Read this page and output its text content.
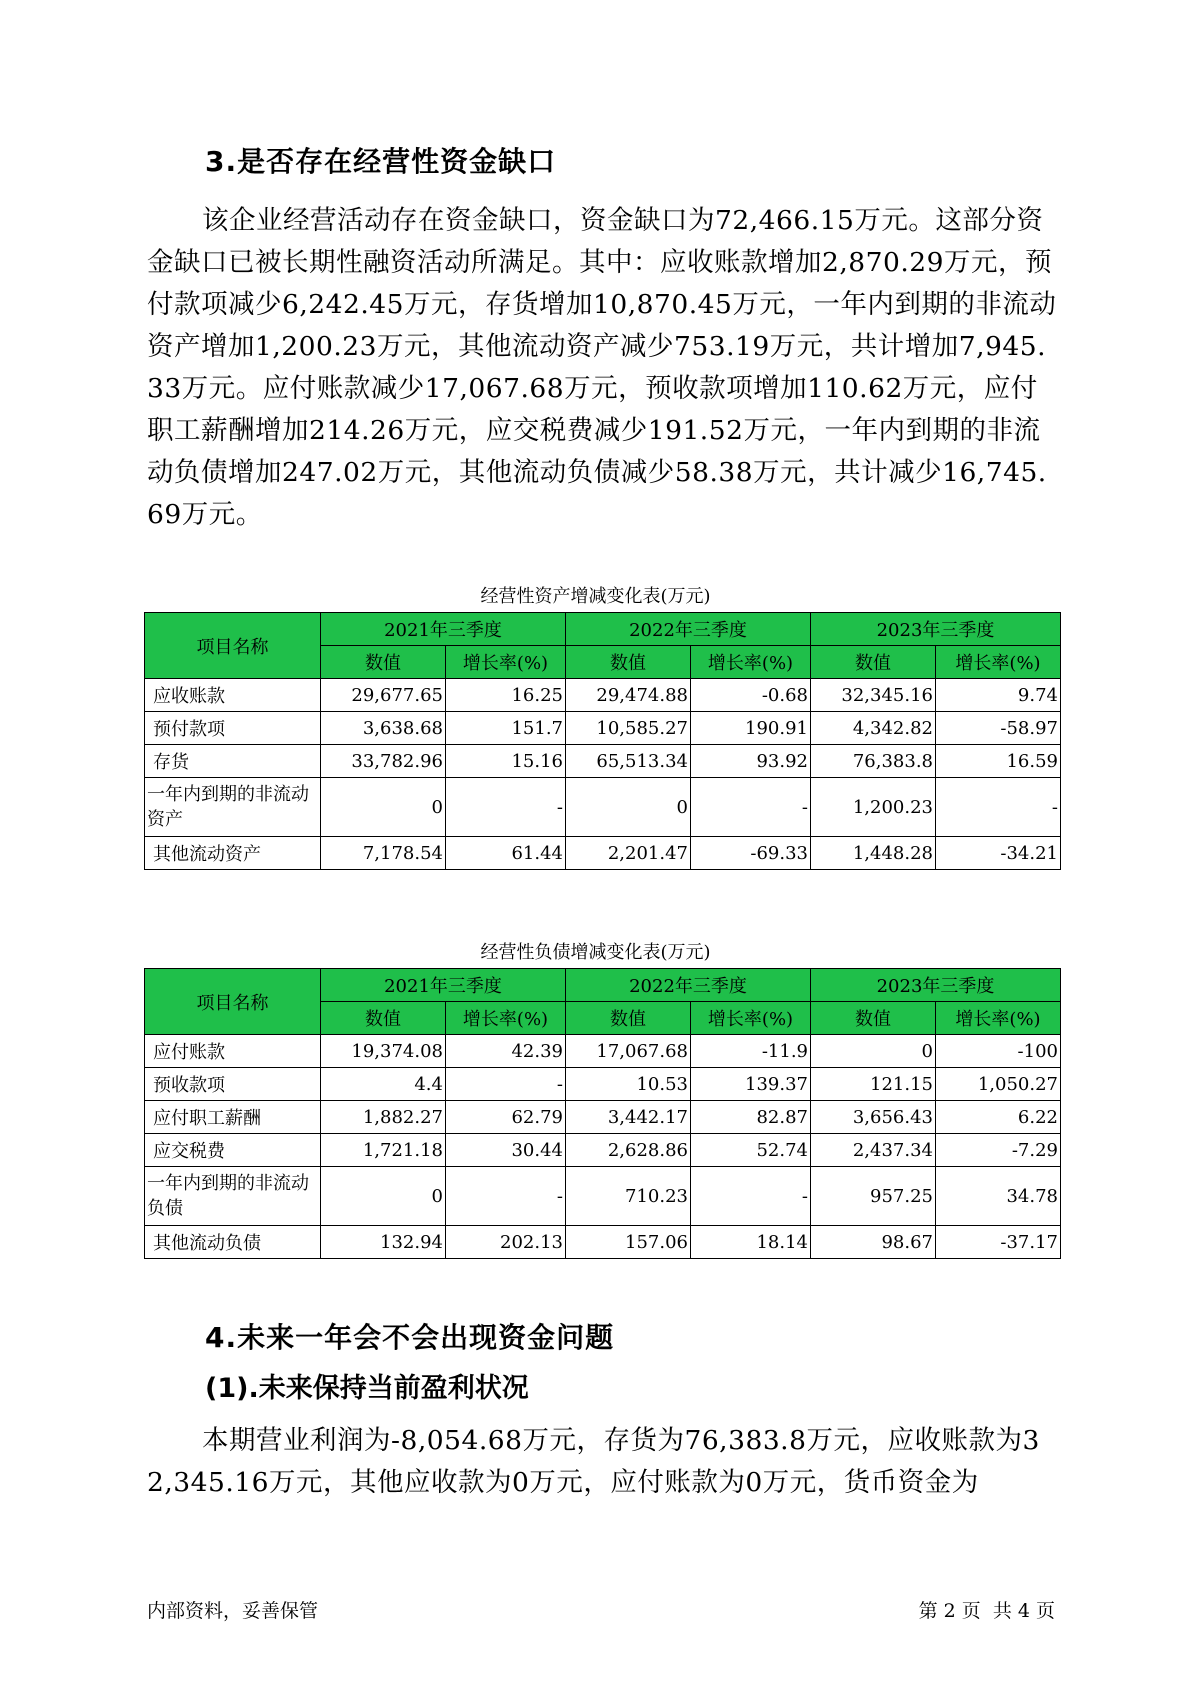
3.是否存在经营性资金缺口

该企业经营活动存在资金缺口，资金缺口为72,466.15万元。这部分资金缺口已被长期性融资活动所满足。其中：应收账款增加2,870.29万元，预付款项减少6,242.45万元，存货增加10,870.45万元，一年内到期的非流动资产增加1,200.23万元，其他流动资产减少753.19万元，共计增加7,945.33万元。应付账款减少17,067.68万元，预收款项增加110.62万元，应付职工薪酬增加214.26万元，应交税费减少191.52万元，一年内到期的非流动负债增加247.02万元，其他流动负债减少58.38万元，共计减少16,745.69万元。

经营性资产增减变化表(万元)
项目名称	2021年三季度		2022年三季度		2023年三季度	
	数值	增长率(%)	数值	增长率(%)	数值	增长率(%)
应收账款	29,677.65	16.25	29,474.88	-0.68	32,345.16	9.74
预付款项	3,638.68	151.7	10,585.27	190.91	4,342.82	-58.97
存货	33,782.96	15.16	65,513.34	93.92	76,383.8	16.59
一年内到期的非流动资产	0	-	0	-	1,200.23	-
其他流动资产	7,178.54	61.44	2,201.47	-69.33	1,448.28	-34.21
经营性负债增减变化表(万元)
项目名称	2021年三季度		2022年三季度		2023年三季度	
	数值	增长率(%)	数值	增长率(%)	数值	增长率(%)
应付账款	19,374.08	42.39	17,067.68	-11.9	0	-100
预收款项	4.4	-	10.53	139.37	121.15	1,050.27
应付职工薪酬	1,882.27	62.79	3,442.17	82.87	3,656.43	6.22
应交税费	1,721.18	30.44	2,628.86	52.74	2,437.34	-7.29
一年内到期的非流动负债	0	-	710.23	-	957.25	34.78
其他流动负债	132.94	202.13	157.06	18.14	98.67	-37.17
4.未来一年会不会出现资金问题
(1).未来保持当前盈利状况

本期营业利润为-8,054.68万元，存货为76,383.8万元，应收账款为32,345.16万元，其他应收款为0万元，应付账款为0万元，货币资金为

内部资料，妥善保管	第 2 页  共 4 页
